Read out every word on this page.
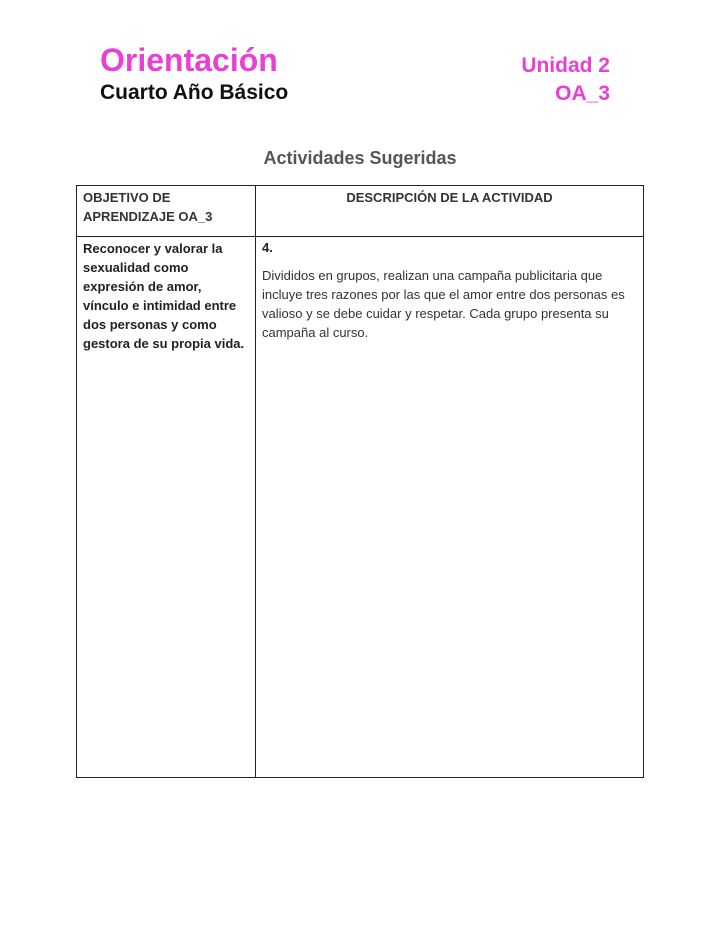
Orientación
Cuarto Año Básico
Unidad 2
OA_3
Actividades Sugeridas
OBJETIVO DE APRENDIZAJE OA_3	DESCRIPCIÓN DE LA ACTIVIDAD

Reconocer y valorar la sexualidad como expresión de amor, vínculo e intimidad entre dos personas y como gestora de su propia vida.	4.
Divididos en grupos, realizan una campaña publicitaria que incluye tres razones por las que el amor entre dos personas es valioso y se debe cuidar y respetar. Cada grupo presenta su campaña al curso.
